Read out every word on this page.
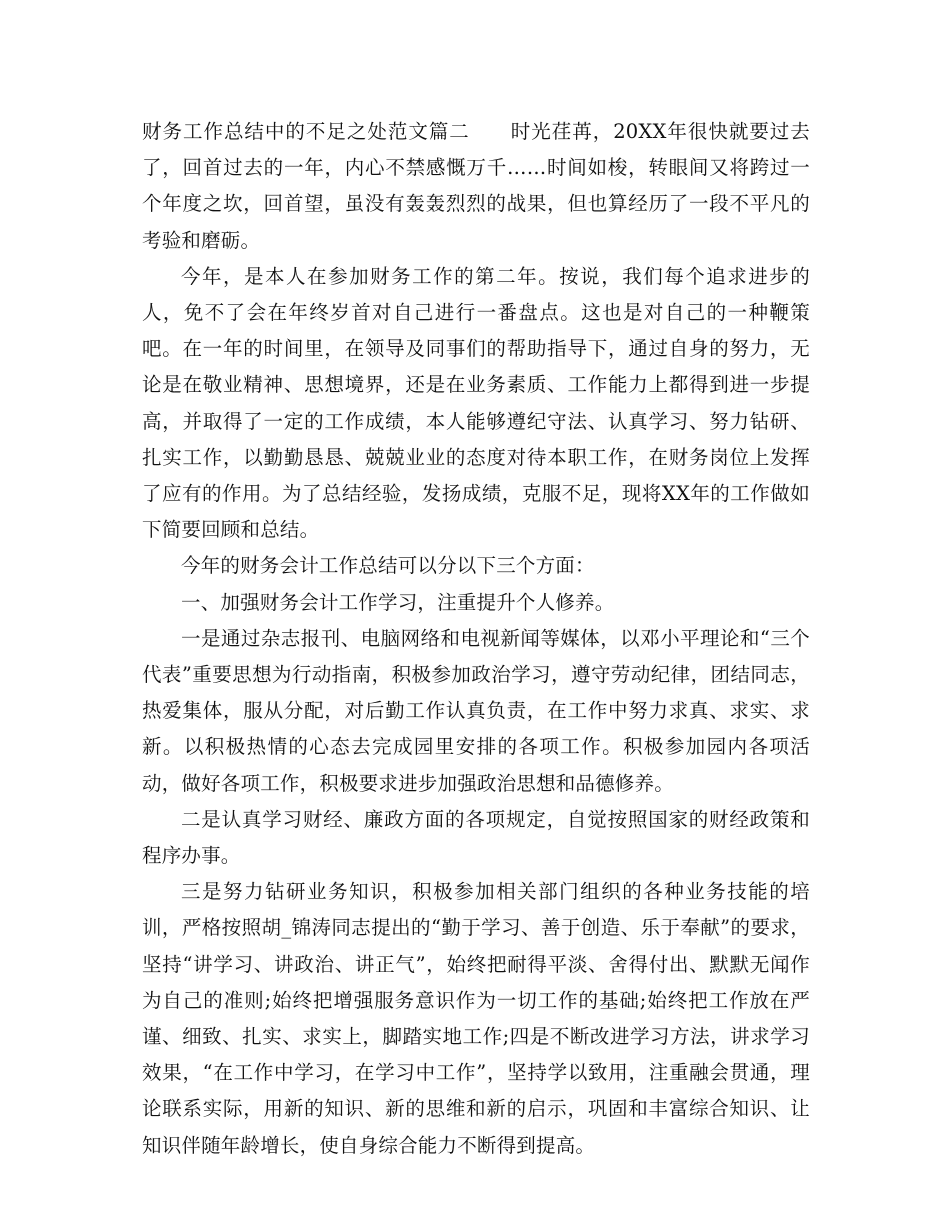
财务工作总结中的不足之处范文篇二　　时光荏苒，20XX年很快就要过去了，回首过去的一年，内心不禁感慨万千……时间如梭，转眼间又将跨过一个年度之坎，回首望，虽没有轰轰烈烈的战果，但也算经历了一段不平凡的考验和磨砺。

今年，是本人在参加财务工作的第二年。按说，我们每个追求进步的人，免不了会在年终岁首对自己进行一番盘点。这也是对自己的一种鞭策吧。在一年的时间里，在领导及同事们的帮助指导下，通过自身的努力，无论是在敬业精神、思想境界，还是在业务素质、工作能力上都得到进一步提高，并取得了一定的工作成绩，本人能够遵纪守法、认真学习、努力钻研、扎实工作，以勤勤恳恳、兢兢业业的态度对待本职工作，在财务岗位上发挥了应有的作用。为了总结经验，发扬成绩，克服不足，现将XX年的工作做如下简要回顾和总结。

今年的财务会计工作总结可以分以下三个方面：

一、加强财务会计工作学习，注重提升个人修养。

一是通过杂志报刊、电脑网络和电视新闻等媒体，以邓小平理论和“三个代表”重要思想为行动指南，积极参加政治学习，遵守劳动纪律，团结同志，热爱集体，服从分配，对后勤工作认真负责，在工作中努力求真、求实、求新。以积极热情的心态去完成园里安排的各项工作。积极参加园内各项活动，做好各项工作，积极要求进步加强政治思想和品德修养。

二是认真学习财经、廉政方面的各项规定，自觉按照国家的财经政策和程序办事。

三是努力钻研业务知识，积极参加相关部门组织的各种业务技能的培训，严格按照胡_锦涛同志提出的“勤于学习、善于创造、乐于奉献”的要求，坚持“讲学习、讲政治、讲正气”，始终把耐得平淡、舍得付出、默默无闻作为自己的准则;始终把增强服务意识作为一切工作的基础;始终把工作放在严谨、细致、扎实、求实上，脚踏实地工作;四是不断改进学习方法，讲求学习效果，“在工作中学习，在学习中工作”，坚持学以致用，注重融会贯通，理论联系实际，用新的知识、新的思维和新的启示，巩固和丰富综合知识、让知识伴随年龄增长，使自身综合能力不断得到提高。
